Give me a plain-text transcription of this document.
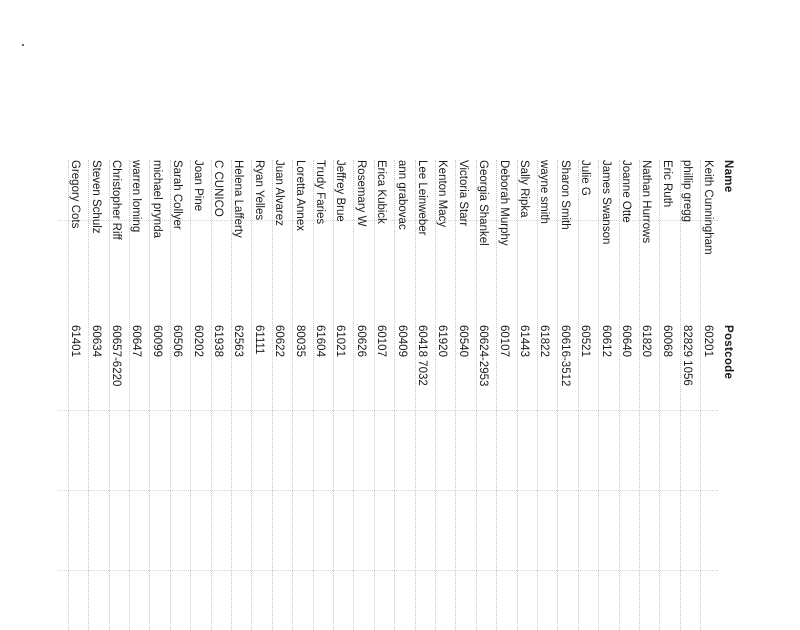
Name
Postcode
Keith Cunningham
60201
phillip gregg
82829 1056
Eric Ruth
60068
Nathan Hurrows
61820
Joanne Otte
60640
James Swanson
60612
Julie G
60521
Sharon Smith
60616-3512
wayne smith
61822
Sally Ripka
61443
Deborah Murphy
60107
Georgia Shankel
60624-2953
Victoria Starr
60540
Kenton Macy
61920
Lee Leinweber
60418 7032
ann grabovac
60409
Erica Kubick
60107
Rosemary W
60626
Jeffrey Brue
61021
Trudy Faries
61604
Loretta Annex
80035
Juan Alvarez
60622
Ryan Yelles
61111
Helena Lafferty
62563
C CUNICO
61938
Joan Pine
60202
Sarah Collyer
60506
michael prynda
60099
warren loming
60647
Christopher Riff
60657-6220
Steven Schulz
60634
Gregory Cots
61401
